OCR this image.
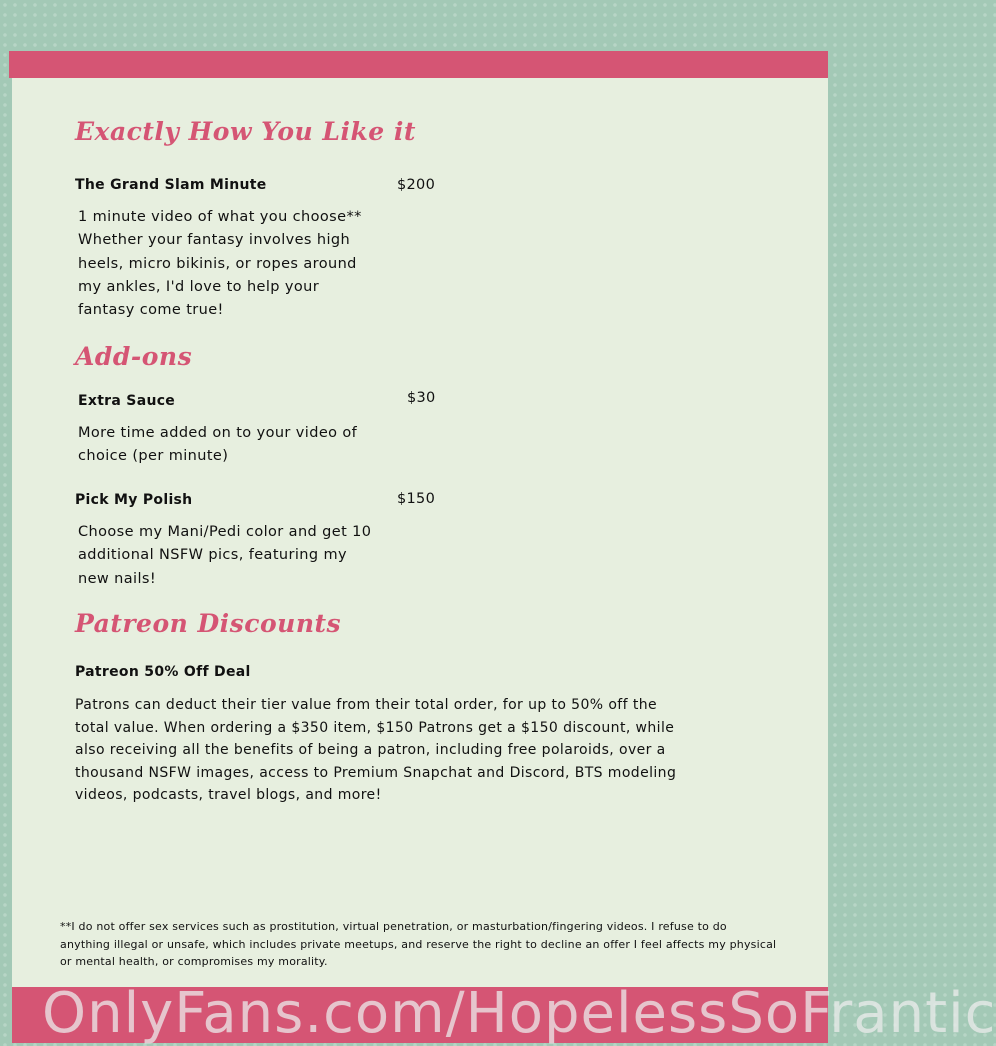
Exactly How You Like it
The Grand Slam Minute	$200

1 minute video of what you choose** Whether your fantasy involves high heels, micro bikinis, or ropes around my ankles, I'd love to help your fantasy come true!

Add-ons
Extra Sauce	$30

More time added on to your video of choice (per minute)

Pick My Polish	$150

Choose my Mani/Pedi color and get 10 additional NSFW pics, featuring my new nails!

Patreon Discounts
Patreon 50% Off Deal

Patrons can deduct their tier value from their total order, for up to 50% off the total value. When ordering a $350 item, $150 Patrons get a $150 discount, while also receiving all the benefits of being a patron, including free polaroids, over a thousand NSFW images, access to Premium Snapchat and Discord, BTS modeling videos, podcasts, travel blogs, and more!

**I do not offer sex services such as prostitution, virtual penetration, or masturbation/fingering videos. I refuse to do anything illegal or unsafe, which includes private meetups, and reserve the right to decline an offer I feel affects my physical or mental health, or compromises my morality.

OnlyFans.com/HopelessSoFrantic
